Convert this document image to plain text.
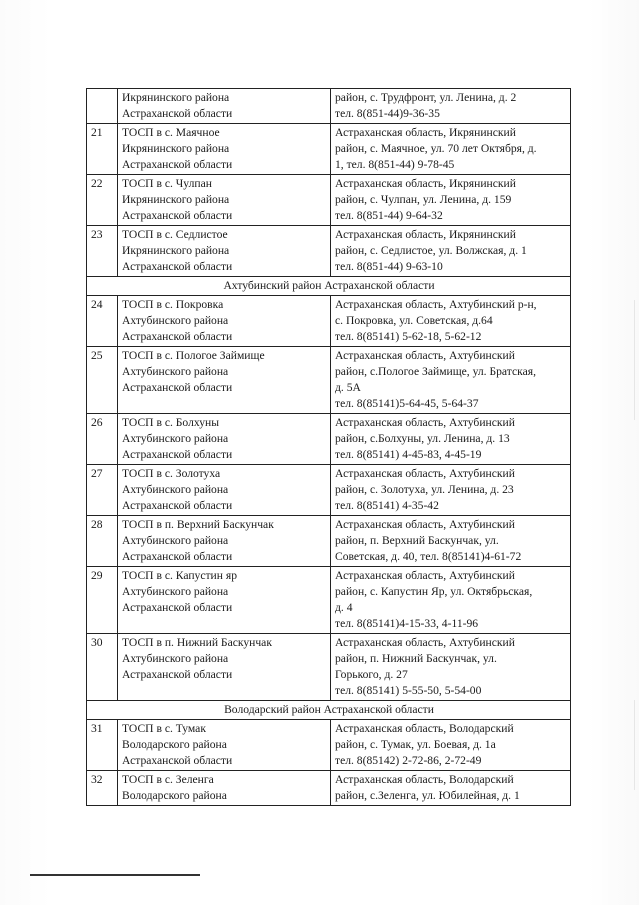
	Икрянинского района
Астраханской области	район, с. Трудфронт, ул. Ленина, д. 2
тел. 8(851-44)9-36-35

21	ТОСП в с. Маячное
Икрянинского района
Астраханской области	Астраханская область, Икрянинский
район, с. Маячное, ул. 70 лет Октября, д.
1, тел. 8(851-44) 9-78-45

22	ТОСП в с. Чулпан
Икрянинского района
Астраханской области	Астраханская область, Икрянинский
район, с. Чулпан, ул. Ленина, д. 159
тел. 8(851-44) 9-64-32

23	ТОСП в с. Седлистое
Икрянинского района
Астраханской области	Астраханская область, Икрянинский
район, с. Седлистое, ул. Волжская, д. 1
тел. 8(851-44) 9-63-10

Ахтубинский район Астраханской области		
24	ТОСП в с. Покровка
Ахтубинского района
Астраханской области	Астраханская область, Ахтубинский р-н,
с. Покровка, ул. Советская, д.64
тел. 8(85141) 5-62-18, 5-62-12

25	ТОСП в с. Пологое Займище
Ахтубинского района
Астраханской области	Астраханская область, Ахтубинский
район, с.Пологое Займище, ул. Братская,
д. 5А
тел. 8(85141)5-64-45, 5-64-37

26	ТОСП в с. Болхуны
Ахтубинского района
Астраханской области	Астраханская область, Ахтубинский
район, с.Болхуны, ул. Ленина, д. 13
тел. 8(85141) 4-45-83, 4-45-19

27	ТОСП в с. Золотуха
Ахтубинского района
Астраханской области	Астраханская область, Ахтубинский
район, с. Золотуха, ул. Ленина, д. 23
тел. 8(85141) 4-35-42

28	ТОСП в п. Верхний Баскунчак
Ахтубинского района
Астраханской области	Астраханская область, Ахтубинский
район, п. Верхний Баскунчак, ул.
Советская, д. 40, тел. 8(85141)4-61-72

29	ТОСП в с. Капустин яр
Ахтубинского района
Астраханской области	Астраханская область, Ахтубинский
район, с. Капустин Яр, ул. Октябрьская,
д. 4
тел. 8(85141)4-15-33, 4-11-96

30	ТОСП в п. Нижний Баскунчак
Ахтубинского района
Астраханской области	Астраханская область, Ахтубинский
район, п. Нижний Баскунчак, ул.
Горького, д. 27
тел. 8(85141) 5-55-50, 5-54-00

Володарский район Астраханской области		
31	ТОСП в с. Тумак
Володарского района
Астраханской области	Астраханская область, Володарский
район, с. Тумак, ул. Боевая, д. 1а
тел. 8(85142) 2-72-86, 2-72-49

32	ТОСП в с. Зеленга
Володарского района	Астраханская область, Володарский
район, с.Зеленга, ул. Юбилейная, д. 1
